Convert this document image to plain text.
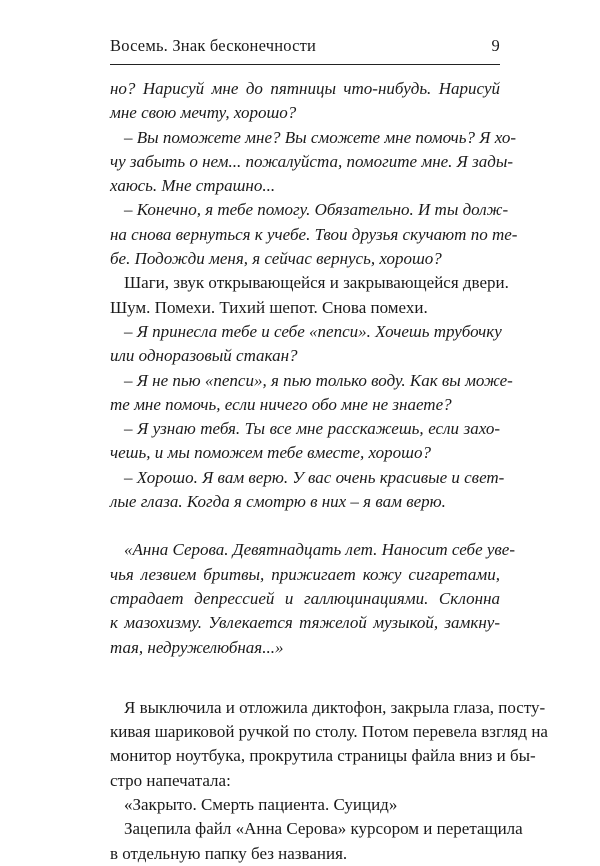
Восемь. Знак бесконечности	9
но? Нарисуй мне до пятницы что-нибудь. Нарисуй
мне свою мечту, хорошо?
– Вы поможете мне? Вы сможете мне помочь? Я хо-
чу забыть о нем... пожалуйста, помогите мне. Я зады-
хаюсь. Мне страшно...
– Конечно, я тебе помогу. Обязательно. И ты долж-
на снова вернуться к учебе. Твои друзья скучают по те-
бе. Подожди меня, я сейчас вернусь, хорошо?
Шаги, звук открывающейся и закрывающейся двери.
Шум. Помехи. Тихий шепот. Снова помехи.
– Я принесла тебе и себе «пепси». Хочешь трубочку
или одноразовый стакан?
– Я не пью «пепси», я пью только воду. Как вы може-
те мне помочь, если ничего обо мне не знаете?
– Я узнаю тебя. Ты все мне расскажешь, если захо-
чешь, и мы поможем тебе вместе, хорошо?
– Хорошо. Я вам верю. У вас очень красивые и свет-
лые глаза. Когда я смотрю в них – я вам верю.
«Анна Серова. Девятнадцать лет. Наносит себе уве-
чья лезвием бритвы, прижигает кожу сигаретами,
страдает депрессией и галлюцинациями. Склонна
к мазохизму. Увлекается тяжелой музыкой, замкну-
тая, недружелюбная...»
Я выключила и отложила диктофон, закрыла глаза, посту-
кивая шариковой ручкой по столу. Потом перевела взгляд на
монитор ноутбука, прокрутила страницы файла вниз и бы-
стро напечатала:
«Закрыто. Смерть пациента. Суицид»
Зацепила файл «Анна Серова» курсором и перетащила
в отдельную папку без названия.
